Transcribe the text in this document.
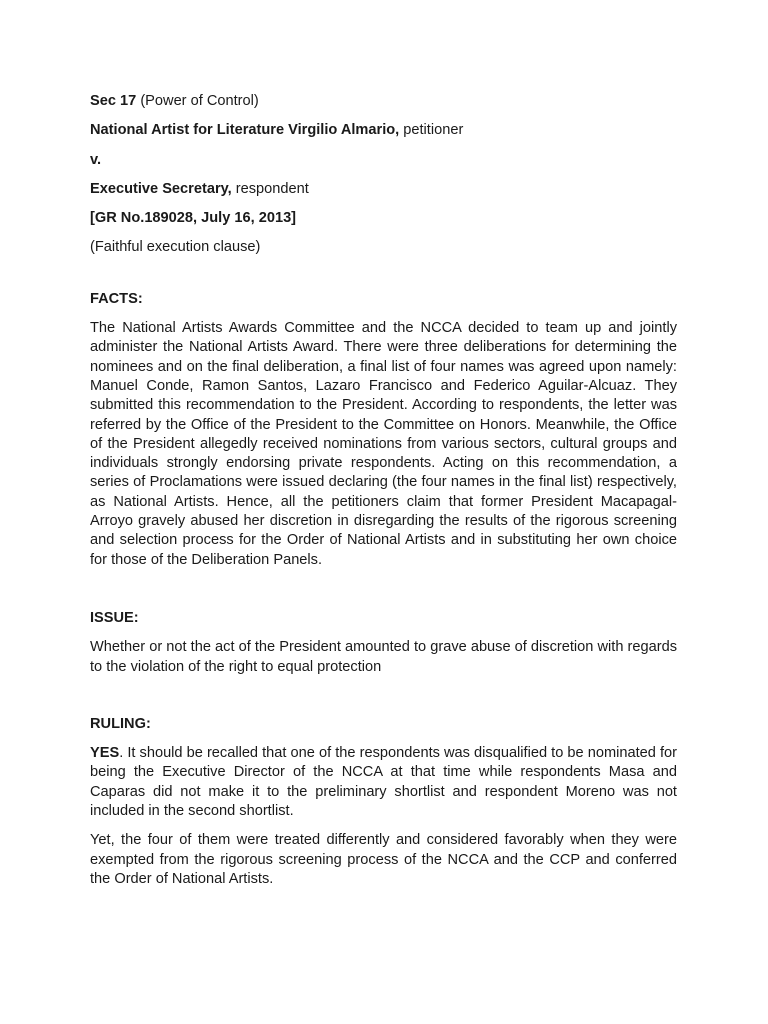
Sec 17 (Power of Control)

National Artist for Literature Virgilio Almario, petitioner

v.

Executive Secretary, respondent

[GR No.189028, July 16, 2013]

(Faithful execution clause)

FACTS:

The National Artists Awards Committee and the NCCA decided to team up and jointly administer the National Artists Award. There were three deliberations for determining the nominees and on the final deliberation, a final list of four names was agreed upon namely: Manuel Conde, Ramon Santos, Lazaro Francisco and Federico Aguilar-Alcuaz. They submitted this recommendation to the President. According to respondents, the letter was referred by the Office of the President to the Committee on Honors. Meanwhile, the Office of the President allegedly received nominations from various sectors, cultural groups and individuals strongly endorsing private respondents. Acting on this recommendation, a series of Proclamations were issued declaring (the four names in the final list) respectively, as National Artists. Hence, all the petitioners claim that former President Macapagal-Arroyo gravely abused her discretion in disregarding the results of the rigorous screening and selection process for the Order of National Artists and in substituting her own choice for those of the Deliberation Panels.

ISSUE:

Whether or not the act of the President amounted to grave abuse of discretion with regards to the violation of the right to equal protection

RULING:

YES. It should be recalled that one of the respondents was disqualified to be nominated for being the Executive Director of the NCCA at that time while respondents Masa and Caparas did not make it to the preliminary shortlist and respondent Moreno was not included in the second shortlist.

Yet, the four of them were treated differently and considered favorably when they were exempted from the rigorous screening process of the NCCA and the CCP and conferred the Order of National Artists.
